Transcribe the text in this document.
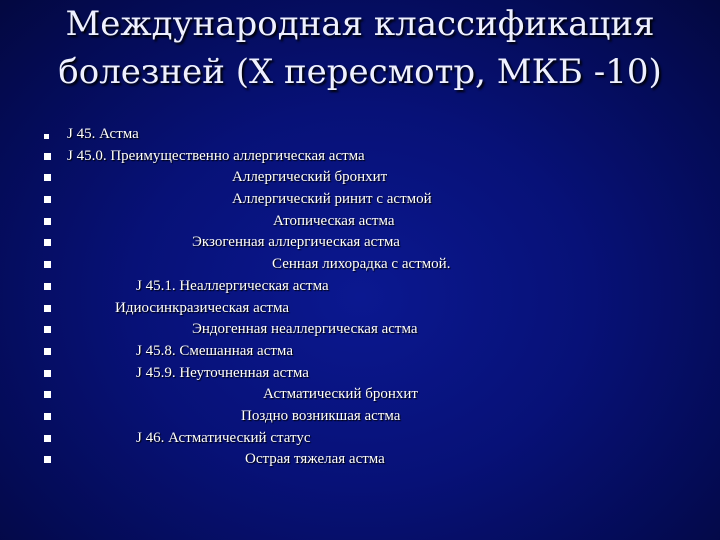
Международная классификация
болезней (X пересмотр, МКБ -10)
J 45. Астма
J 45.0. Преимущественно аллергическая астма
Аллергический бронхит
Аллергический ринит с астмой
Атопическая астма
Экзогенная аллергическая астма
Сенная лихорадка с астмой.
J 45.1. Неаллергическая астма
Идиосинкразическая астма
Эндогенная неаллергическая астма
J 45.8. Смешанная астма
J 45.9. Неуточненная астма
Астматический бронхит
Поздно возникшая астма
J 46. Астматический статус
Острая тяжелая астма
